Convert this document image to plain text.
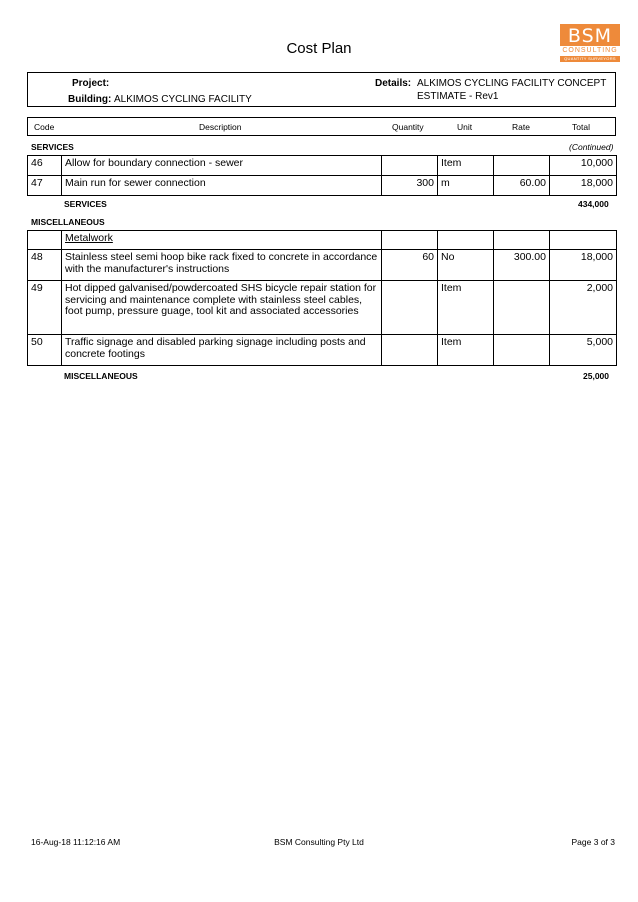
Cost Plan
BSM
CONSULTING
QUANTITY SURVEYORS
Project:
Building: ALKIMOS CYCLING FACILITY
Details: ALKIMOS CYCLING FACILITY CONCEPT
ESTIMATE - Rev1
Code	Description	Quantity	Unit	Rate	Total
SERVICES	(Continued)
46	Allow for boundary connection - sewer		Item		10,000
47	Main run for sewer connection	300	m	60.00	18,000
SERVICES	434,000
MISCELLANEOUS
	Metalwork				
48	Stainless steel semi hoop bike rack fixed to concrete in accordance with the manufacturer's instructions	60	No	300.00	18,000
49	Hot dipped galvanised/powdercoated SHS bicycle repair station for servicing and maintenance complete with stainless steel cables, foot pump, pressure guage, tool kit and associated accessories		Item		2,000
50	Traffic signage and disabled parking signage including posts and concrete footings		Item		5,000
MISCELLANEOUS	25,000
16-Aug-18 11:12:16 AM	BSM Consulting Pty Ltd	Page 3 of 3
